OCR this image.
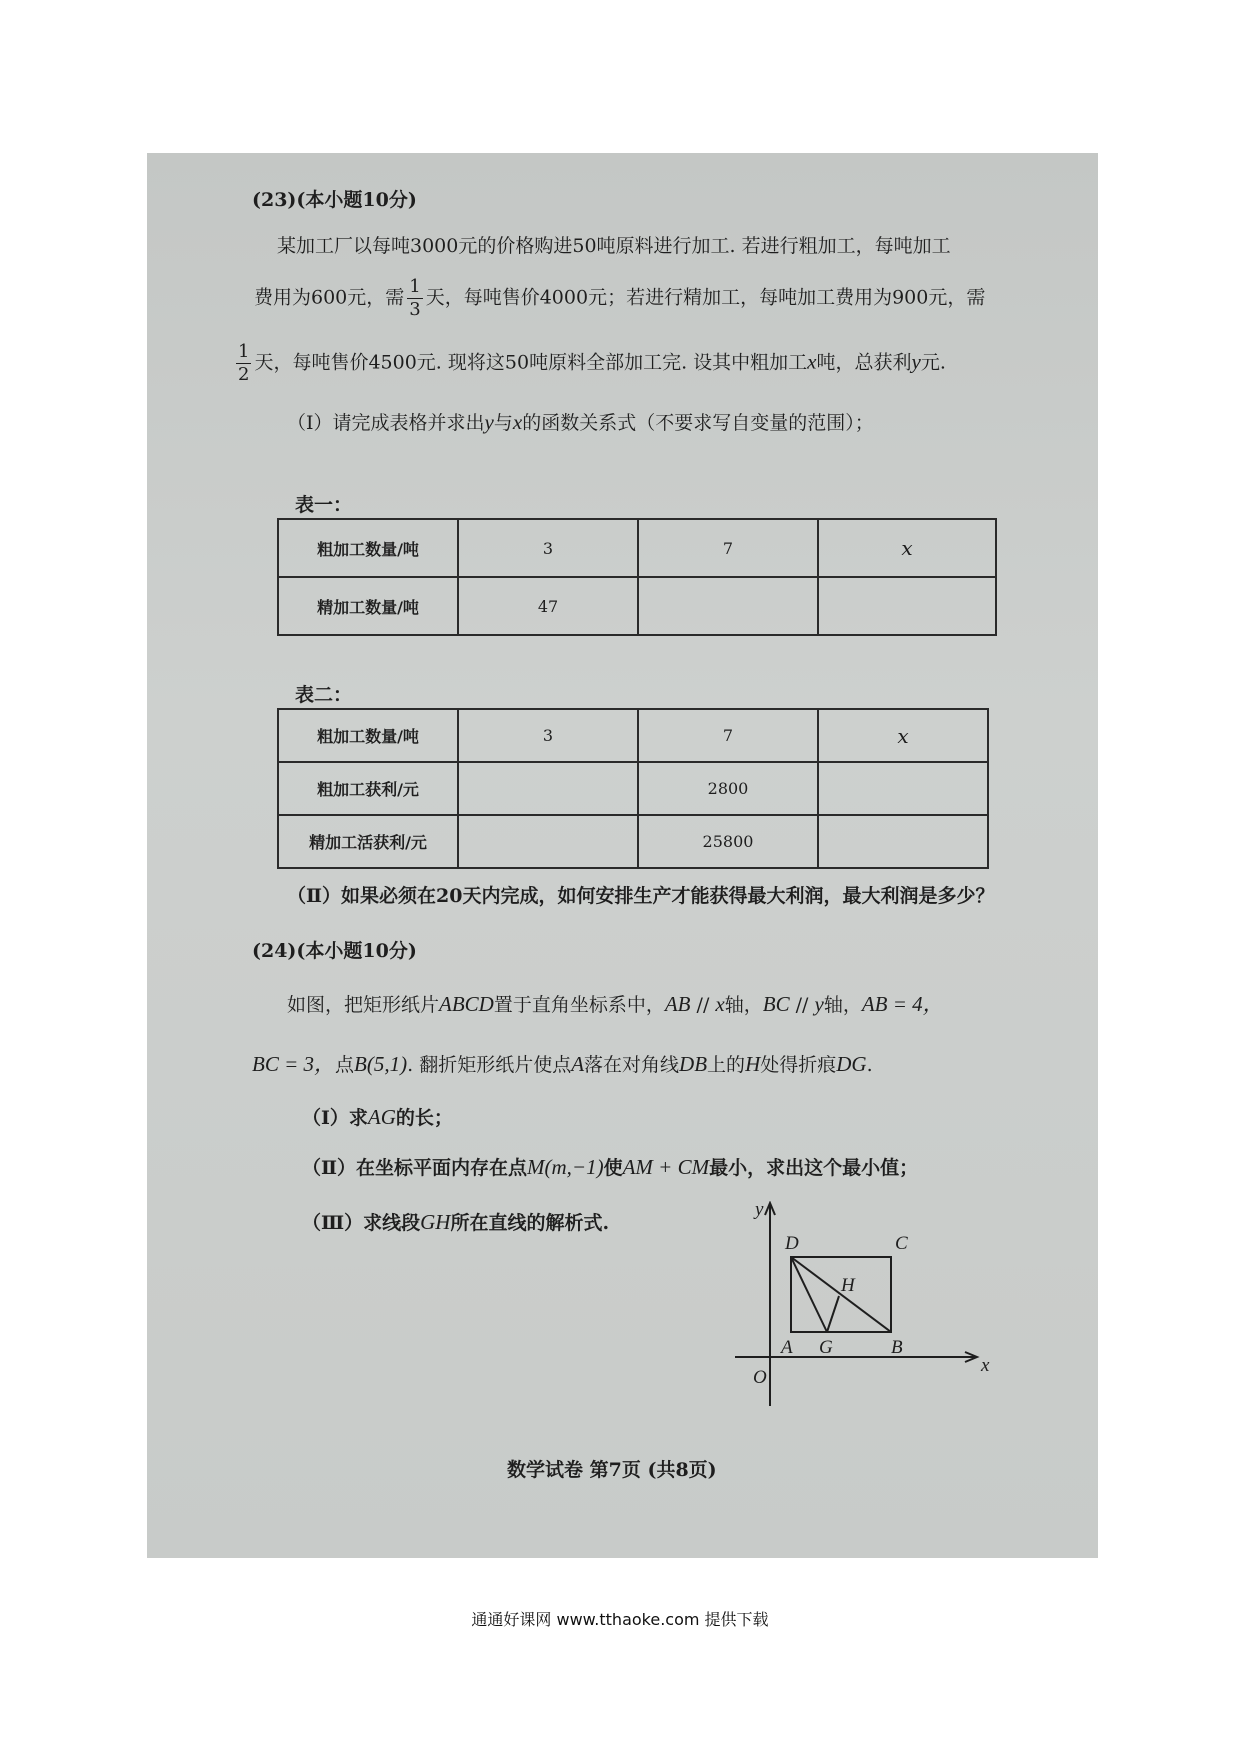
(23)(本小题10分)
某加工厂以每吨3000元的价格购进50吨原料进行加工. 若进行粗加工，每吨加工
费用为600元，需 $\frac{1}{3}$ 天，每吨售价4000元；若进行精加工，每吨加工费用为900元，需
$\frac{1}{2}$ 天，每吨售价4500元. 现将这50吨原料全部加工完. 设其中粗加工x吨，总获利y元.
（Ⅰ）请完成表格并求出y与x的函数关系式（不要求写自变量的范围）；
表一：
粗加工数量/吨	3	7	x
精加工数量/吨	47		
表二：
粗加工数量/吨	3	7	x
粗加工获利/元		2800	
精加工活获利/元		25800	
（Ⅱ）如果必须在20天内完成，如何安排生产才能获得最大利润，最大利润是多少？
(24)(本小题10分)
如图，把矩形纸片ABCD置于直角坐标系中，AB // x轴，BC // y轴，AB = 4，
BC = 3，点B(5,1). 翻折矩形纸片使点A落在对角线DB上的H处得折痕DG.
（Ⅰ）求AG的长；
（Ⅱ）在坐标平面内存在点M(m,−1)使AM + CM最小，求出这个最小值；
（Ⅲ）求线段GH所在直线的解析式.
y
x
O
D	C
H
A G	B
数学试卷 第7页 (共8页)
通通好课网 www.tthaoke.com 提供下载
